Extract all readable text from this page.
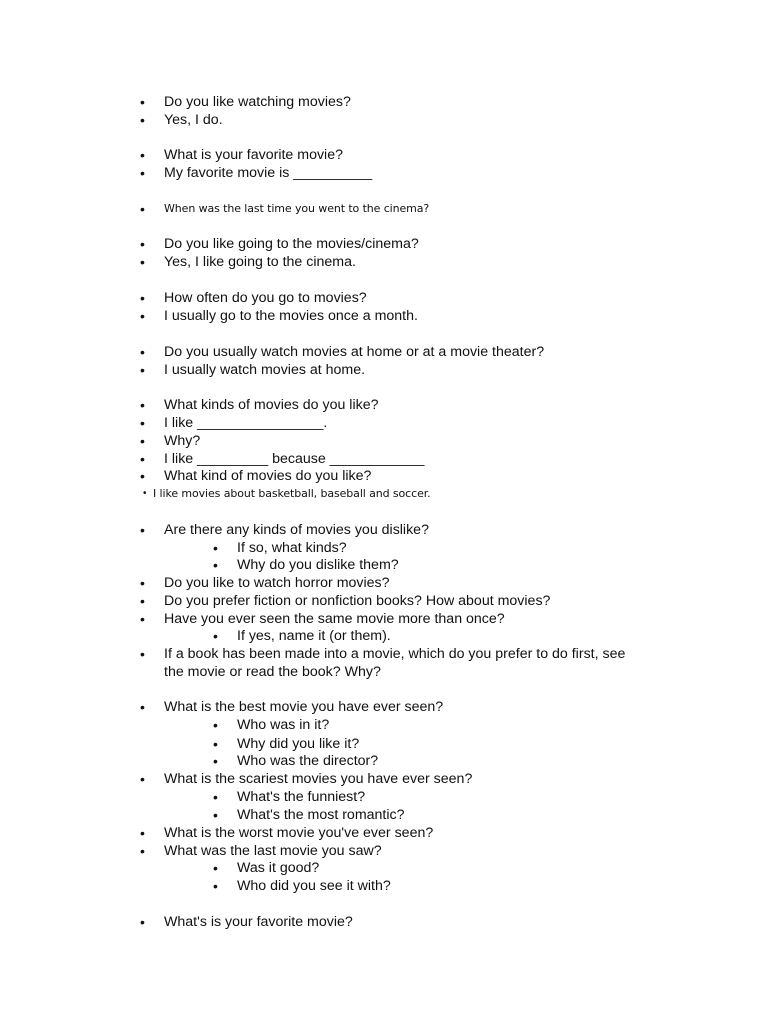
• Do you like watching movies?
• Yes, I do.
• What is your favorite movie?
• My favorite movie is __________
• When was the last time you went to the cinema?
• Do you like going to the movies/cinema?
• Yes, I like going to the cinema.
• How often do you go to movies?
• I usually go to the movies once a month.
• Do you usually watch movies at home or at a movie theater?
• I usually watch movies at home.
• What kinds of movies do you like?
• I like ________________.
• Why?
• I like _________ because ____________
• What kind of movies do you like?
• I like movies about basketball, baseball and soccer.
• Are there any kinds of movies you dislike?
• If so, what kinds?
• Why do you dislike them?
• Do you like to watch horror movies?
• Do you prefer fiction or nonfiction books? How about movies?
• Have you ever seen the same movie more than once?
• If yes, name it (or them).
• If a book has been made into a movie, which do you prefer to do first, see
the movie or read the book? Why?
• What is the best movie you have ever seen?
• Who was in it?
• Why did you like it?
• Who was the director?
• What is the scariest movies you have ever seen?
• What's the funniest?
• What's the most romantic?
• What is the worst movie you've ever seen?
• What was the last movie you saw?
• Was it good?
• Who did you see it with?
• What's is your favorite movie?
